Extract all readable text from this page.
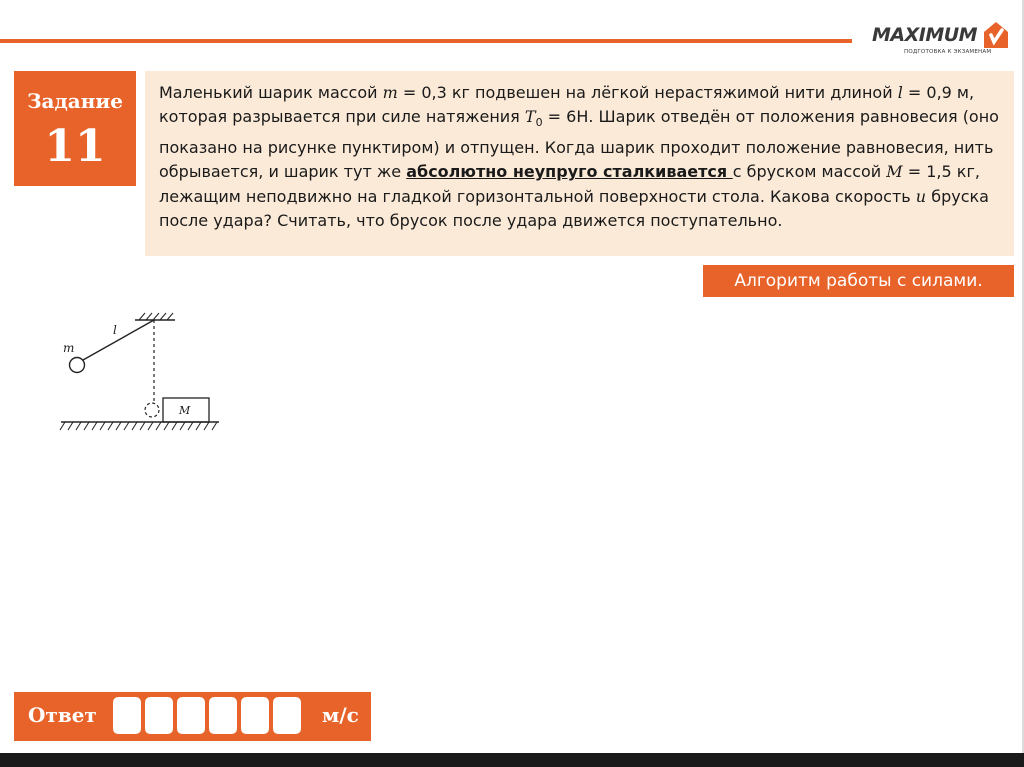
MAXIMUM
ПОДГОТОВКА К ЭКЗАМЕНАМ
Задание
11
Маленький шарик массой m = 0,3 кг подвешен на лёгкой нерастяжимой нити длиной l = 0,9 м, которая разрывается при силе натяжения $T_0 = 6Н$. Шарик отведён от положения равновесия (оно показано на рисунке пунктиром) и отпущен. Когда шарик проходит положение равновесия, нить обрывается, и шарик тут же абсолютно неупруго сталкивается с бруском массой M = 1,5 кг, лежащим неподвижно на гладкой горизонтальной поверхности стола. Какова скорость u бруска после удара? Считать, что брусок после удара движется поступательно.
Алгоритм работы с силами.
m
l
M
Ответ	м/с
